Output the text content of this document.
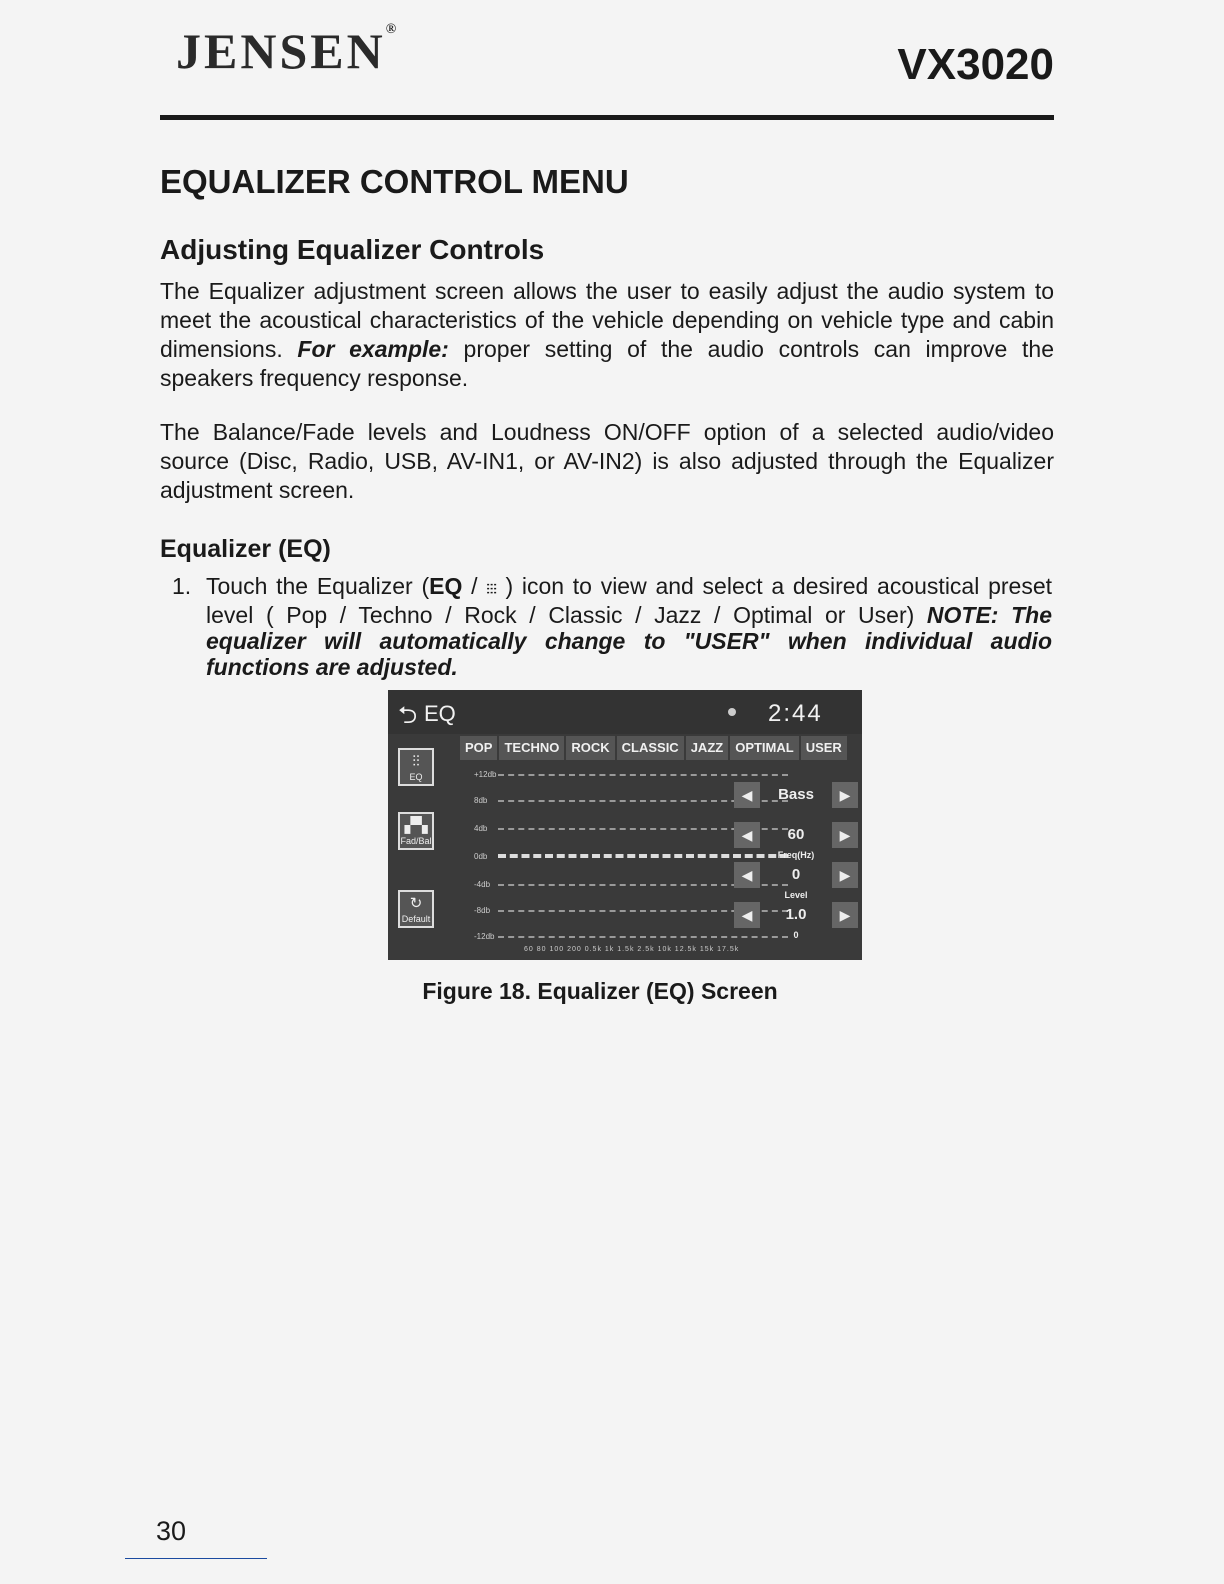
JENSEN®
VX3020
EQUALIZER CONTROL MENU
Adjusting Equalizer Controls
The Equalizer adjustment screen allows the user to easily adjust the audio system to meet the acoustical characteristics of the vehicle depending on vehicle type and cabin dimensions. For example: proper setting of the audio controls can improve the speakers frequency response.
The Balance/Fade levels and Loudness ON/OFF option of a selected audio/video source (Disc, Radio, USB, AV-IN1, or AV-IN2) is also adjusted through the Equalizer adjustment screen.
Equalizer (EQ)
1. Touch the Equalizer (EQ / ⫶⫶⫶ ) icon to view and select a desired acoustical preset level ( Pop / Techno / Rock / Classic / Jazz / Optimal or User) NOTE: The equalizer will automatically change to "USER" when individual audio functions are adjusted.
⮌ EQ	2:44
POP TECHNO ROCK CLASSIC JAZZ OPTIMAL USER
⫶⫶
EQ
▞▚
Fad/Bal
↻
Default
+12db
8db
4db
0db
-4db
-8db
-12db
60 80 100 200 0.5k 1k 1.5k 2.5k 10k 12.5k 15k 17.5k
◀	Bass	▶
◀	60	▶
Freq(Hz)
◀	0	▶
Level
◀	1.0	▶
0
Figure 18. Equalizer (EQ) Screen
30
